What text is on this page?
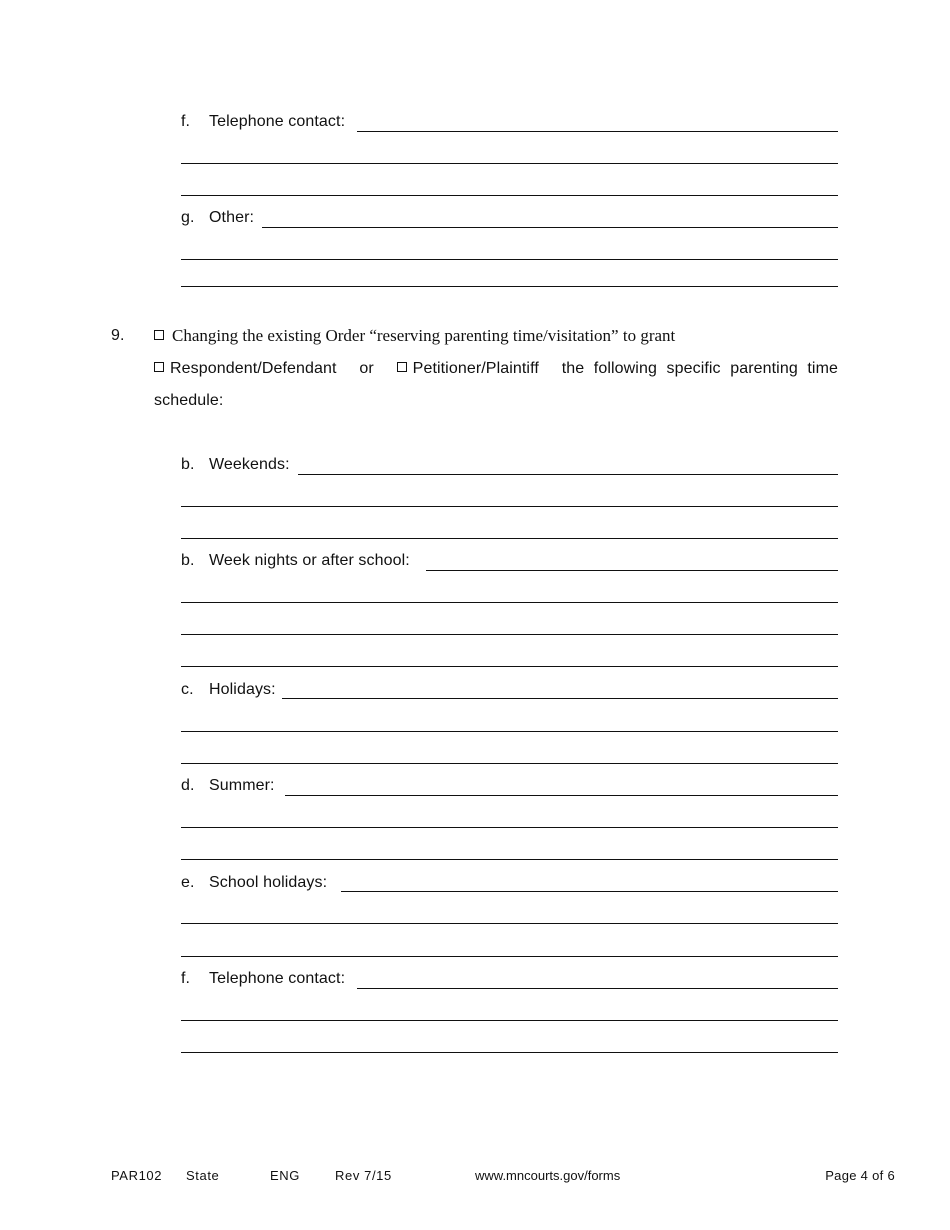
f. Telephone contact:
g. Other:
9.	Changing the existing Order “reserving parenting time/visitation” to grant
Respondent/Defendant or	Petitioner/Plaintiff the following specific parenting time
schedule:
b. Weekends:
b. Week nights or after school:
c. Holidays:
d. Summer:
e. School holidays:
f. Telephone contact:
PAR102 State	ENG	Rev 7/15	www.mncourts.gov/forms	Page 4 of 6
